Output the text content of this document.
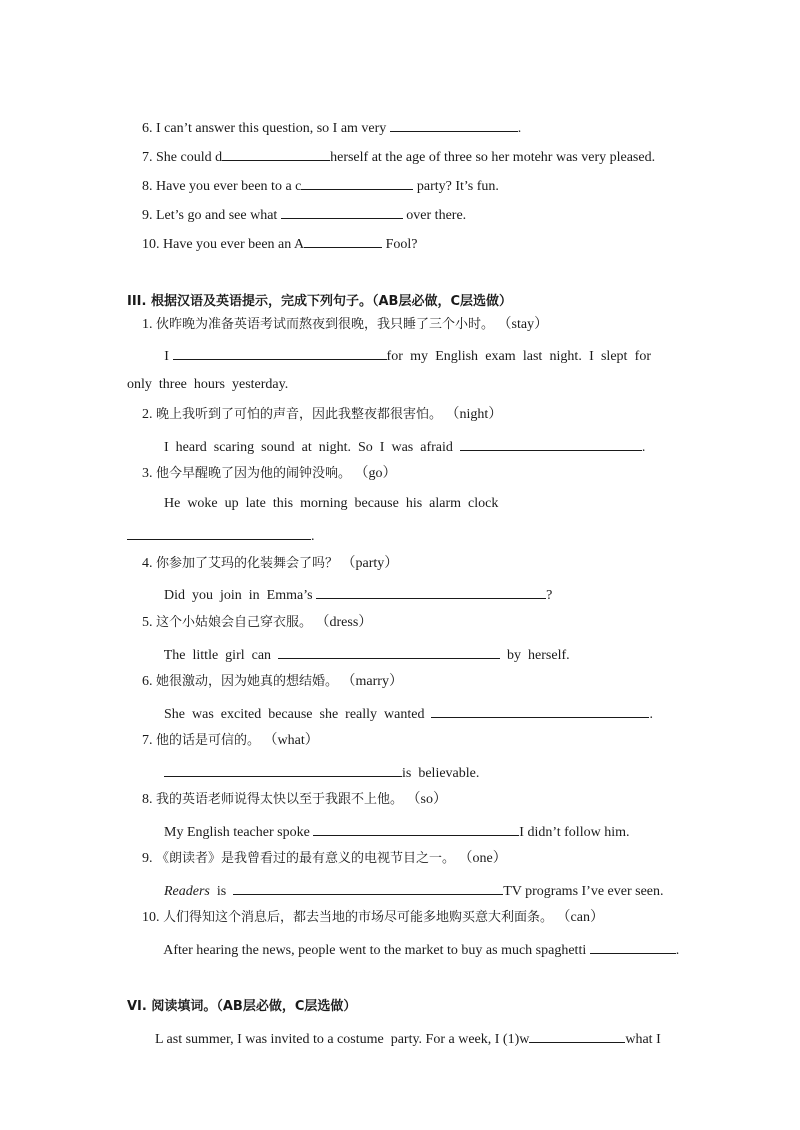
6. I can’t answer this question, so I am very	.

7. She could d	herself at the age of three so her motehr was very pleased.

8. Have you ever been to a c	party? It’s fun.

9. Let’s go and see what	over there.

10. Have you ever been an A	Fool?

III. 根据汉语及英语提示，完成下列句子。（AB层必做，C层选做）

1. 伙昨晚为准备英语考试而熬夜到很晚，我只睡了三个小时。 （stay）

I	for  my  English  exam  last  night.  I  slept  for

only  three  hours  yesterday.

2. 晚上我听到了可怕的声音，因此我整夜都很害怕。 （night）

I  heard  scaring  sound  at  night.  So  I  was  afraid	.

3. 他今早醒晚了因为他的闹钟没响。 （go）

He  woke  up  late  this  morning  because  his  alarm  clock

.

4. 你参加了艾玛的化装舞会了吗？ （party）

Did  you  join  in  Emma’s	?

5. 这个小姑娘会自己穿衣服。 （dress）

The  little  girl  can	by  herself.

6. 她很激动，因为她真的想结婚。 （marry）

She  was  excited  because  she  really  wanted	.

7. 他的话是可信的。 （what）

is  believable.

8. 我的英语老师说得太快以至于我跟不上他。 （so）

My English teacher spoke	I didn’t follow him.

9. 《朗读者》是我曾看过的最有意义的电视节目之一。 （one）

Readers  is	TV programs I’ve ever seen.

10. 人们得知这个消息后，都去当地的市场尽可能多地购买意大利面条。 （can）

After hearing the news, people went to the market to buy as much spaghetti	.

VI. 阅读填词。（AB层必做，C层选做）

L ast summer, I was invited to a costume  party. For a week, I (1)w	what I
